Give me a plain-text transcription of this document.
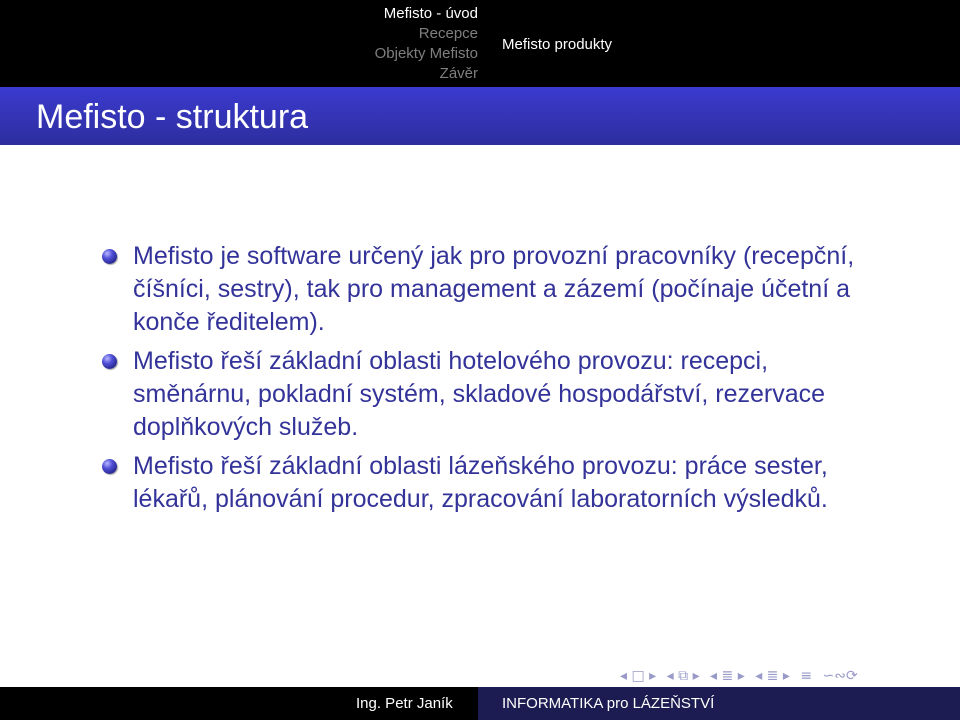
Mefisto - úvod
Recepce
Objekty Mefisto
Závěr
Mefisto produkty
Mefisto - struktura

Mefisto je software určený jak pro provozní pracovníky (recepční, číšníci, sestry), tak pro management a zázemí (počínaje účetní a konče ředitelem).

Mefisto řeší základní oblasti hotelového provozu: recepci, směnárnu, pokladní systém, skladové hospodářství, rezervace doplňkových služeb.

Mefisto řeší základní oblasti lázeňského provozu: práce sester, lékařů, plánování procedur, zpracování laboratorních výsledků.

◂ □ ▸ ◂ ⧉ ▸ ◂ ≣ ▸ ◂ ≣ ▸ ≡ ∽∾⟳
Ing. Petr Janík	INFORMATIKA pro LÁZEŇSTVÍ
